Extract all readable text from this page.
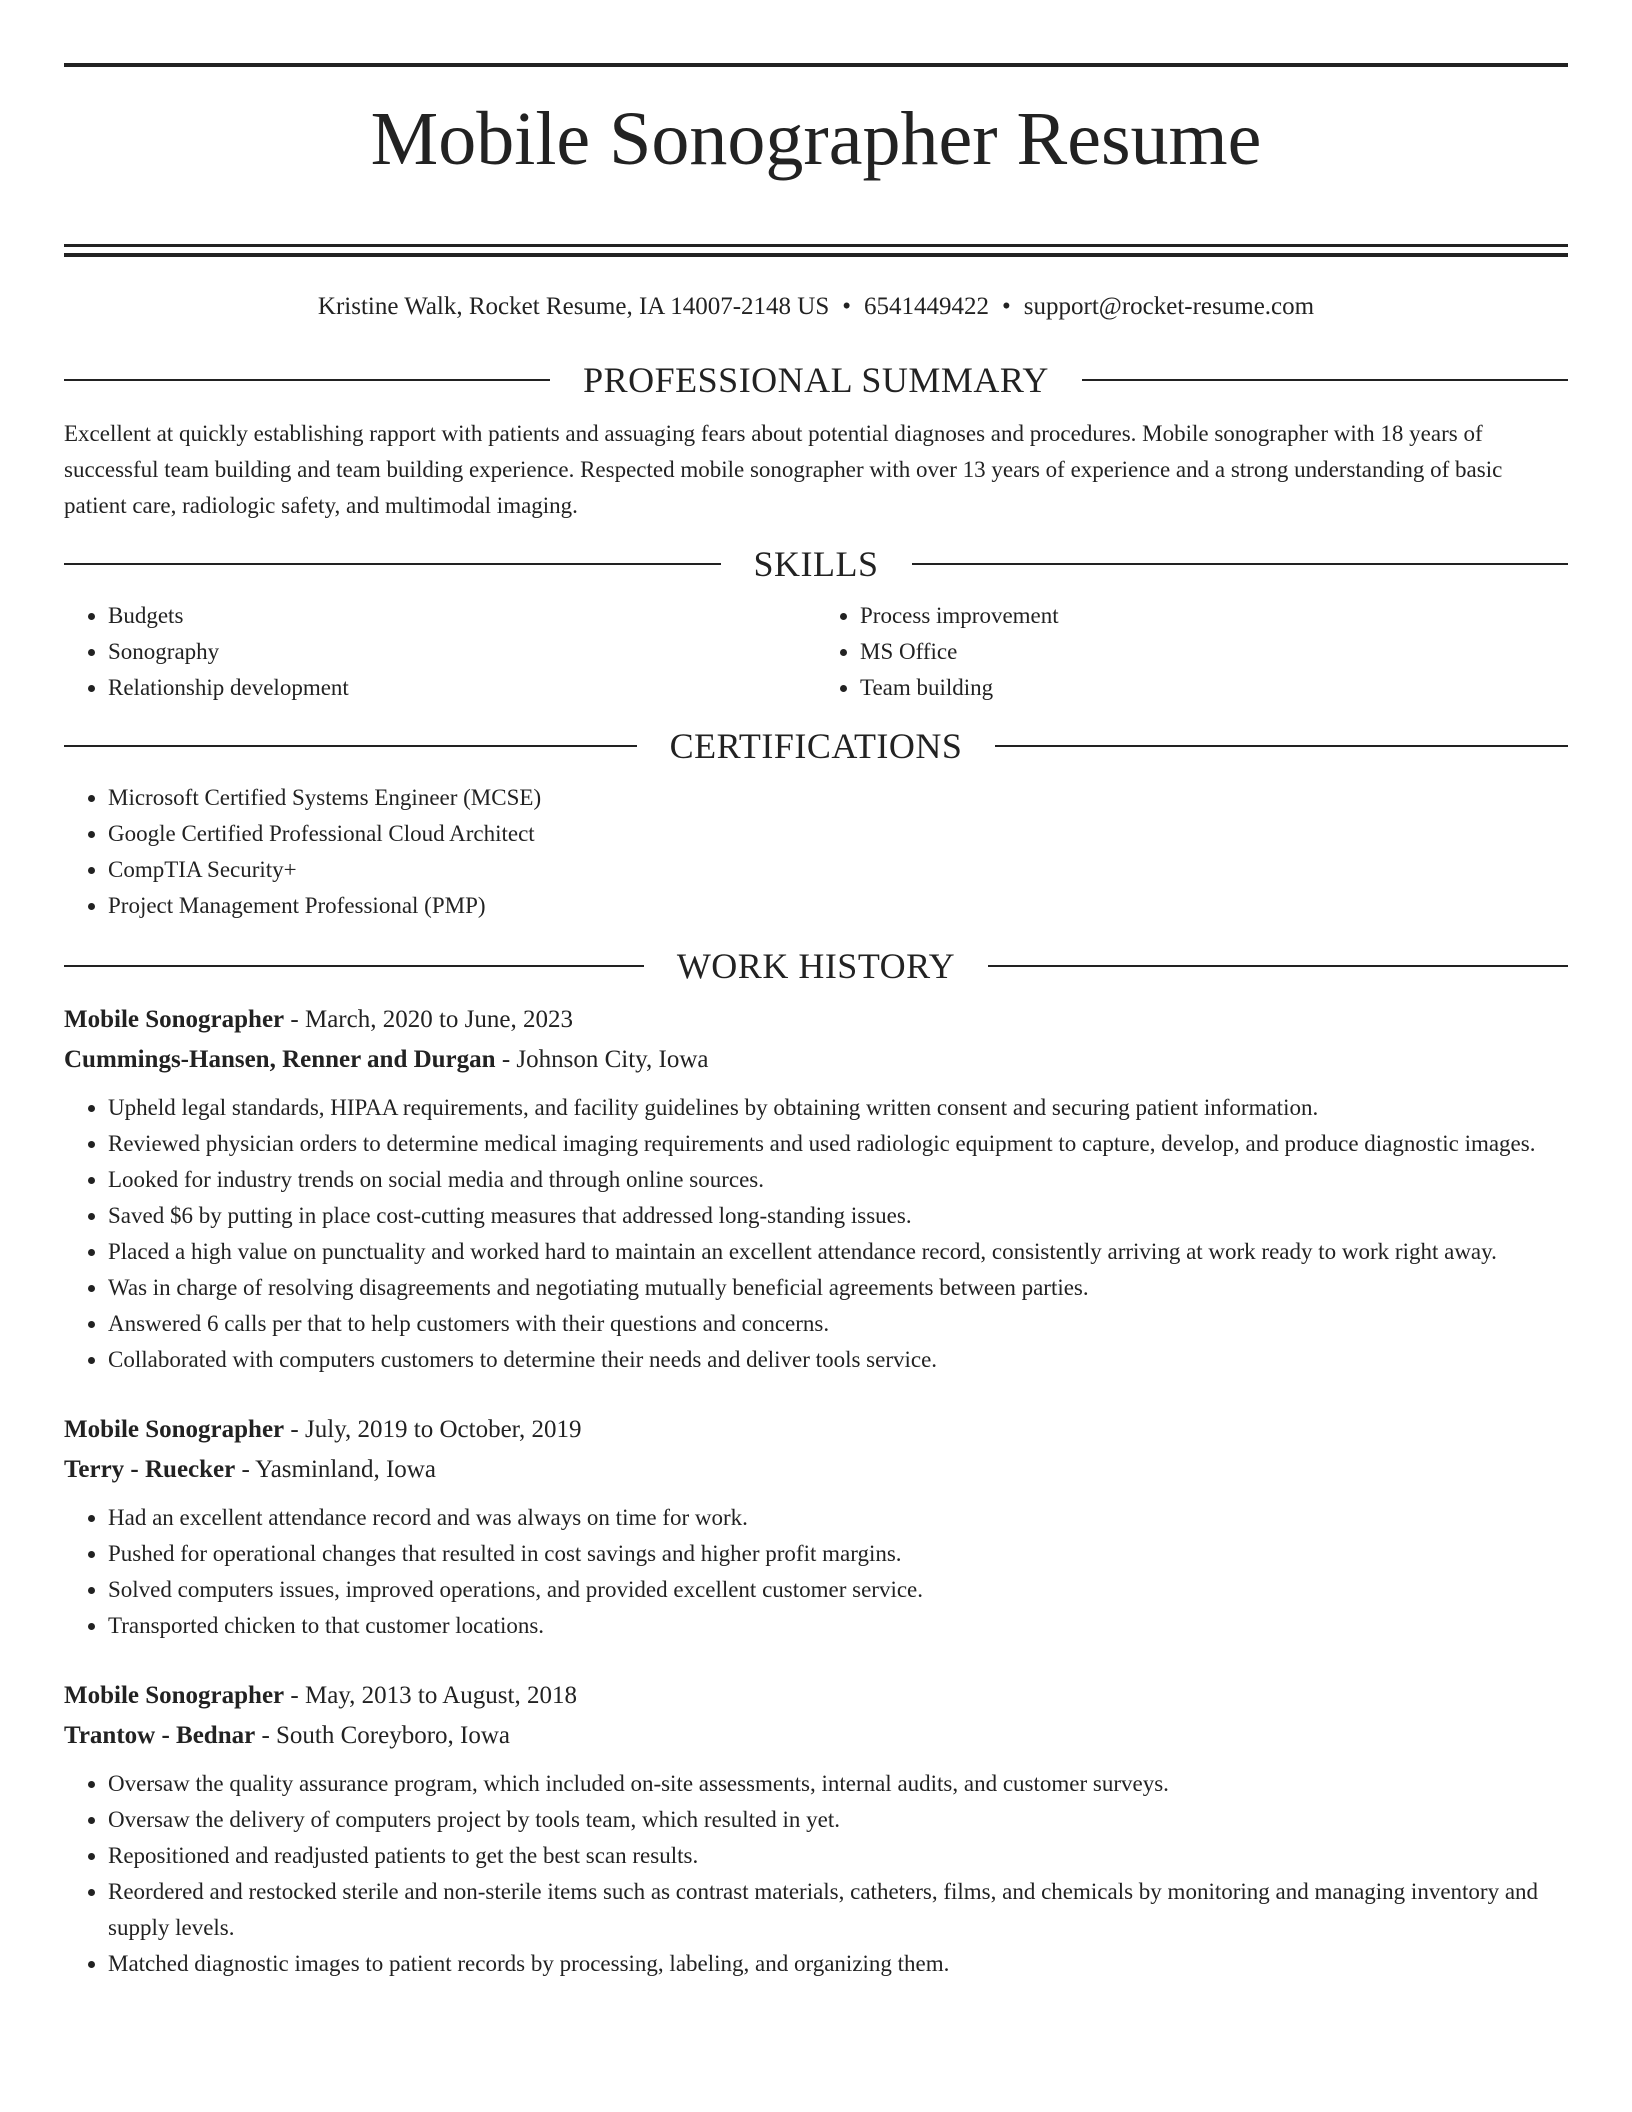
Mobile Sonographer Resume
Kristine Walk, Rocket Resume, IA 14007-2148 US • 6541449422 • support@rocket-resume.com
PROFESSIONAL SUMMARY

Excellent at quickly establishing rapport with patients and assuaging fears about potential diagnoses and procedures. Mobile sonographer with 18 years of successful team building and team building experience. Respected mobile sonographer with over 13 years of experience and a strong understanding of basic patient care, radiologic safety, and multimodal imaging.

SKILLS
• Budgets
• Sonography
• Relationship development
• Process improvement
• MS Office
• Team building
CERTIFICATIONS
• Microsoft Certified Systems Engineer (MCSE)
• Google Certified Professional Cloud Architect
• CompTIA Security+
• Project Management Professional (PMP)
WORK HISTORY
Mobile Sonographer - March, 2020 to June, 2023
Cummings-Hansen, Renner and Durgan - Johnson City, Iowa
• Upheld legal standards, HIPAA requirements, and facility guidelines by obtaining written consent and securing patient information.
• Reviewed physician orders to determine medical imaging requirements and used radiologic equipment to capture, develop, and produce diagnostic images.
• Looked for industry trends on social media and through online sources.
• Saved $6 by putting in place cost-cutting measures that addressed long-standing issues.
• Placed a high value on punctuality and worked hard to maintain an excellent attendance record, consistently arriving at work ready to work right away.
• Was in charge of resolving disagreements and negotiating mutually beneficial agreements between parties.
• Answered 6 calls per that to help customers with their questions and concerns.
• Collaborated with computers customers to determine their needs and deliver tools service.
Mobile Sonographer - July, 2019 to October, 2019
Terry - Ruecker - Yasminland, Iowa
• Had an excellent attendance record and was always on time for work.
• Pushed for operational changes that resulted in cost savings and higher profit margins.
• Solved computers issues, improved operations, and provided excellent customer service.
• Transported chicken to that customer locations.
Mobile Sonographer - May, 2013 to August, 2018
Trantow - Bednar - South Coreyboro, Iowa
• Oversaw the quality assurance program, which included on-site assessments, internal audits, and customer surveys.
• Oversaw the delivery of computers project by tools team, which resulted in yet.
• Repositioned and readjusted patients to get the best scan results.
• Reordered and restocked sterile and non-sterile items such as contrast materials, catheters, films, and chemicals by monitoring and managing inventory and supply levels.
• Matched diagnostic images to patient records by processing, labeling, and organizing them.
